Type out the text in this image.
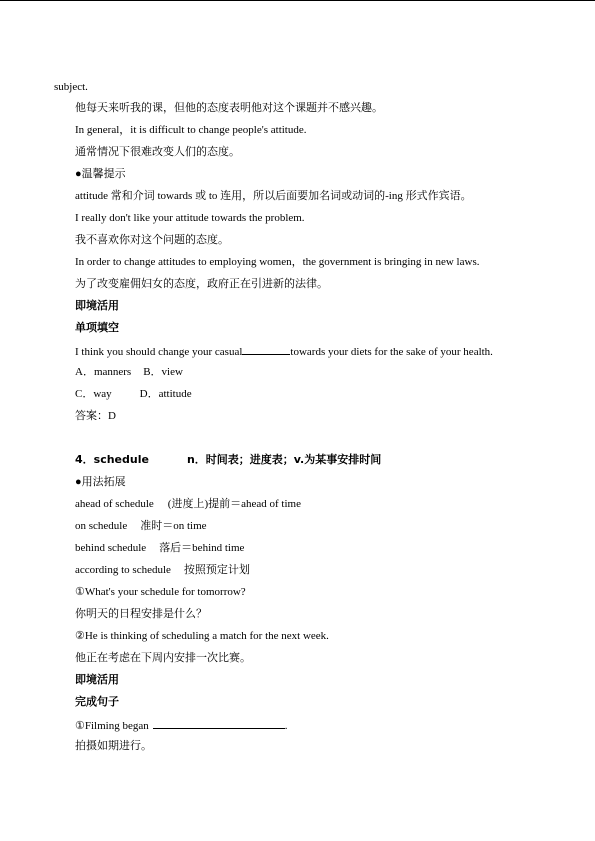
subject.
他每天来听我的课，但他的态度表明他对这个课题并不感兴趣。
In general，it is difficult to change people's attitude.
通常情况下很难改变人们的态度。
●温馨提示
attitude 常和介词 towards 或 to 连用，所以后面要加名词或动词的-ing 形式作宾语。
I really don't like your attitude towards the problem.
我不喜欢你对这个问题的态度。
In order to change attitudes to employing women，the government is bringing in new laws.
为了改变雇佣妇女的态度，政府正在引进新的法律。
即境活用
单项填空
I think you should change your casual	towards your diets for the sake of your health.
A．manners B．view
C．way	D．attitude
答案：D
4．schedule	n．时间表；进度表；v.为某事安排时间
●用法拓展
ahead of schedule (进度上)提前＝ahead of time
on schedule 准时＝on time
behind schedule 落后＝behind time
according to schedule 按照预定计划
①What's your schedule for tomorrow?
你明天的日程安排是什么？
②He is thinking of scheduling a match for the next week.
他正在考虑在下周内安排一次比赛。
即境活用
完成句子
①Filming began	.
拍摄如期进行。
